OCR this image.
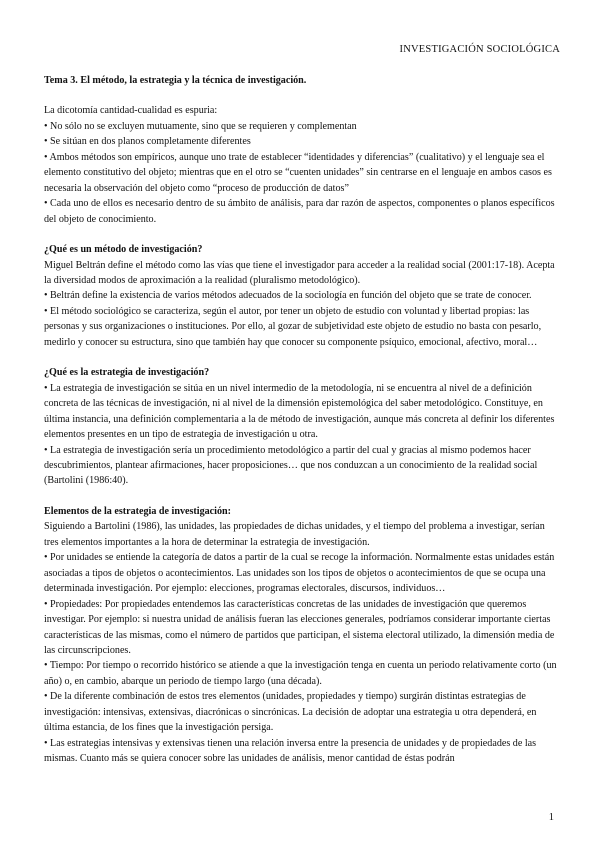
INVESTIGACIÓN SOCIOLÓGICA
Tema 3. El método, la estrategia y la técnica de investigación.

La dicotomía cantidad-cualidad es espuria:

• No sólo no se excluyen mutuamente, sino que se requieren y complementan

• Se sitúan en dos planos completamente diferentes

• Ambos métodos son empíricos, aunque uno trate de establecer “identidades y diferencias” (cualitativo) y el lenguaje sea el elemento constitutivo del objeto; mientras que en el otro se “cuenten unidades” sin centrarse en el lenguaje en ambos casos es necesaria la observación del objeto como “proceso de producción de datos”

• Cada uno de ellos es necesario dentro de su ámbito de análisis, para dar razón de aspectos, componentes o planos específicos del objeto de conocimiento.

¿Qué es un método de investigación?

Miguel Beltrán define el método como las vías que tiene el investigador para acceder a la realidad social (2001:17-18). Acepta la diversidad modos de aproximación a la realidad (pluralismo metodológico).

• Beltrán define la existencia de varios métodos adecuados de la sociología en función del objeto que se trate de conocer.

• El método sociológico se caracteriza, según el autor, por tener un objeto de estudio con voluntad y libertad propias: las personas y sus organizaciones o instituciones. Por ello, al gozar de subjetividad este objeto de estudio no basta con pesarlo, medirlo y conocer su estructura, sino que también hay que conocer su componente psíquico, emocional, afectivo, moral…

¿Qué es la estrategia de investigación?

• La estrategia de investigación se sitúa en un nivel intermedio de la metodología, ni se encuentra al nivel de a definición concreta de las técnicas de investigación, ni al nivel de la dimensión epistemológica del saber metodológico. Constituye, en última instancia, una definición complementaria a la de método de investigación, aunque más concreta al definir los diferentes elementos presentes en un tipo de estrategia de investigación u otra.

• La estrategia de investigación sería un procedimiento metodológico a partir del cual y gracias al mismo podemos hacer descubrimientos, plantear afirmaciones, hacer proposiciones… que nos conduzcan a un conocimiento de la realidad social (Bartolini (1986:40).

Elementos de la estrategia de investigación:

Siguiendo a Bartolini (1986), las unidades, las propiedades de dichas unidades, y el tiempo del problema a investigar, serían tres elementos importantes a la hora de determinar la estrategia de investigación.

• Por unidades se entiende la categoría de datos a partir de la cual se recoge la información. Normalmente estas unidades están asociadas a tipos de objetos o acontecimientos. Las unidades son los tipos de objetos o acontecimientos de que se ocupa una determinada investigación. Por ejemplo: elecciones, programas electorales, discursos, individuos…

• Propiedades: Por propiedades entendemos las características concretas de las unidades de investigación que queremos investigar. Por ejemplo: si nuestra unidad de análisis fueran las elecciones generales, podríamos considerar importante ciertas características de las mismas, como el número de partidos que participan, el sistema electoral utilizado, la dimensión media de las circunscripciones.

• Tiempo: Por tiempo o recorrido histórico se atiende a que la investigación tenga en cuenta un periodo relativamente corto (un año) o, en cambio, abarque un periodo de tiempo largo (una década).

• De la diferente combinación de estos tres elementos (unidades, propiedades y tiempo) surgirán distintas estrategias de investigación: intensivas, extensivas, diacrónicas o sincrónicas. La decisión de adoptar una estrategia u otra dependerá, en última estancia, de los fines que la investigación persiga.

• Las estrategias intensivas y extensivas tienen una relación inversa entre la presencia de unidades y de propiedades de las mismas. Cuanto más se quiera conocer sobre las unidades de análisis, menor cantidad de éstas podrán

1
